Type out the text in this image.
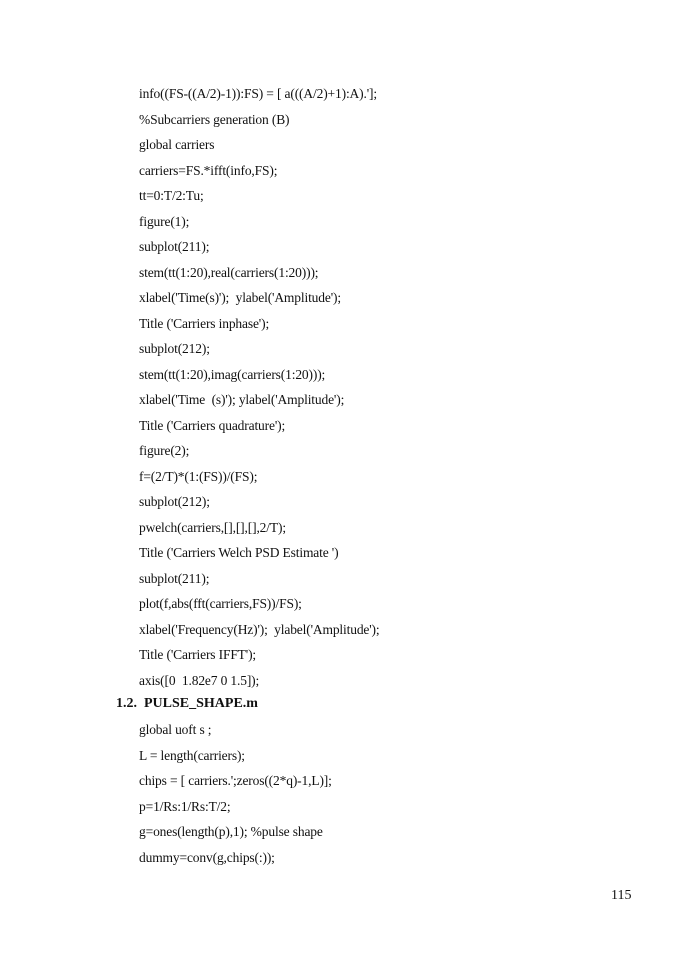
info((FS-((A/2)-1)):FS) = [ a(((A/2)+1):A).'];
%Subcarriers generation (B)
global carriers
carriers=FS.*ifft(info,FS);
tt=0:T/2:Tu;
figure(1);
subplot(211);
stem(tt(1:20),real(carriers(1:20)));
xlabel('Time(s)');  ylabel('Amplitude');
Title ('Carriers inphase');
subplot(212);
stem(tt(1:20),imag(carriers(1:20)));
xlabel('Time  (s)'); ylabel('Amplitude');
Title ('Carriers quadrature');
figure(2);
f=(2/T)*(1:(FS))/(FS);
subplot(212);
pwelch(carriers,[],[],[],2/T);
Title ('Carriers Welch PSD Estimate ')
subplot(211);
plot(f,abs(fft(carriers,FS))/FS);
xlabel('Frequency(Hz)');  ylabel('Amplitude');
Title ('Carriers IFFT');
axis([0  1.82e7 0 1.5]);
1.2.  PULSE_SHAPE.m
global uoft s ;
L = length(carriers);
chips = [ carriers.';zeros((2*q)-1,L)];
p=1/Rs:1/Rs:T/2;
g=ones(length(p),1); %pulse shape
dummy=conv(g,chips(:));
115
